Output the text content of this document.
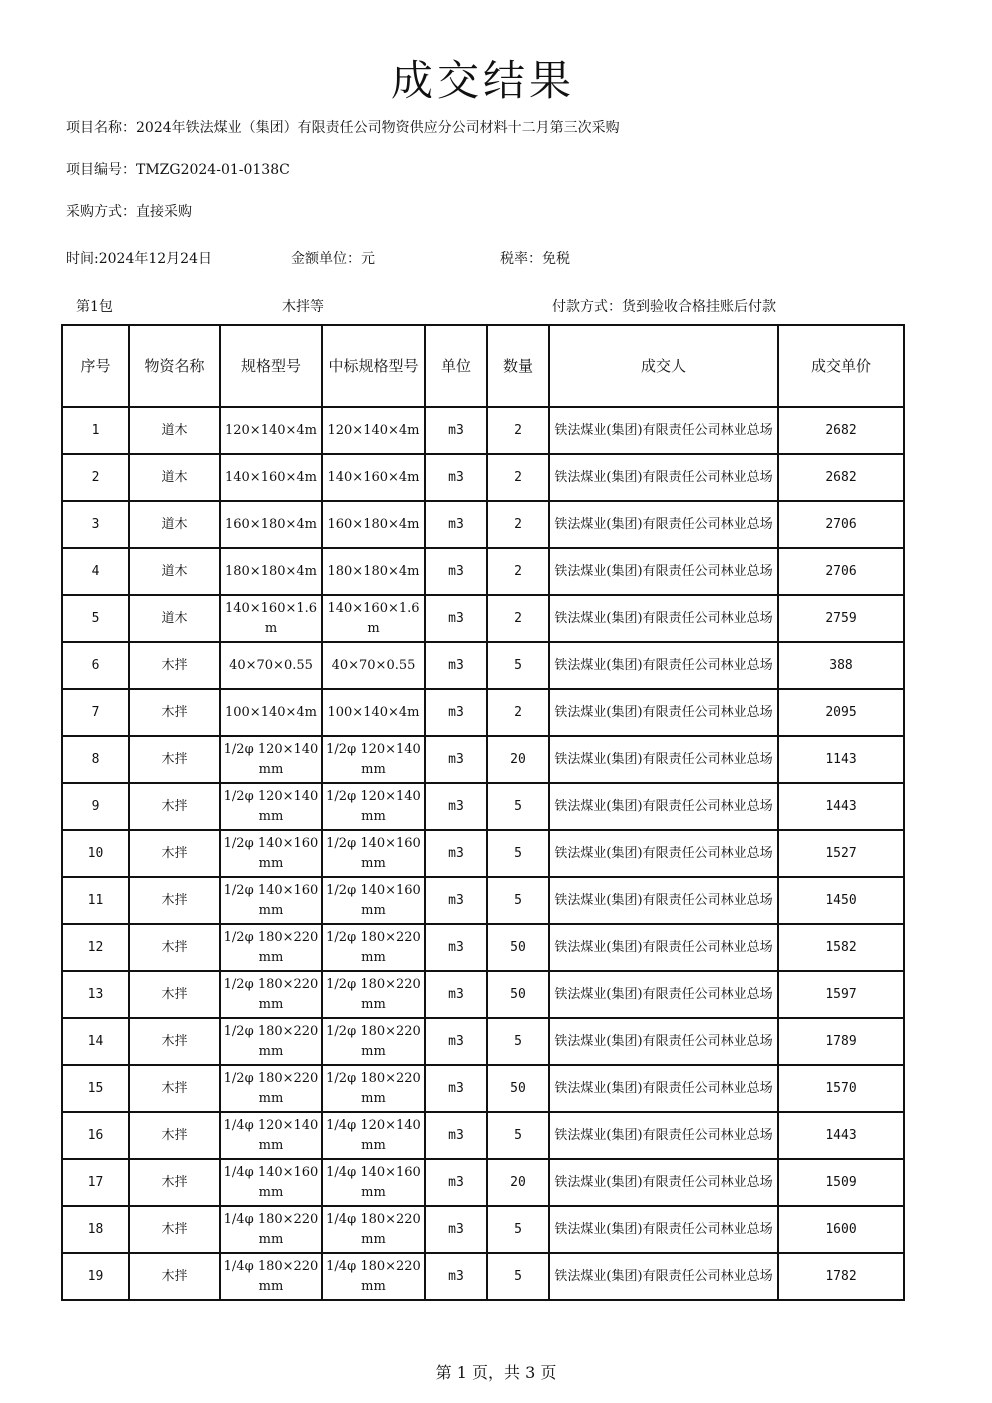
成交结果
项目名称：2024年铁法煤业（集团）有限责任公司物资供应分公司材料十二月第三次采购
项目编号：TMZG2024-01-0138C
采购方式：直接采购
时间:2024年12月24日	金额单位：元	税率：免税
第1包	木拌等	付款方式：货到验收合格挂账后付款
序号	物资名称	规格型号	中标规格型号	单位	数量	成交人	成交单价
1	道木	120×140×4m	120×140×4m	m3	2	铁法煤业(集团)有限责任公司林业总场	2682
2	道木	140×160×4m	140×160×4m	m3	2	铁法煤业(集团)有限责任公司林业总场	2682
3	道木	160×180×4m	160×180×4m	m3	2	铁法煤业(集团)有限责任公司林业总场	2706
4	道木	180×180×4m	180×180×4m	m3	2	铁法煤业(集团)有限责任公司林业总场	2706
5	道木	140×160×1.6m	140×160×1.6m	m3	2	铁法煤业(集团)有限责任公司林业总场	2759
6	木拌	40×70×0.55	40×70×0.55	m3	5	铁法煤业(集团)有限责任公司林业总场	388
7	木拌	100×140×4m	100×140×4m	m3	2	铁法煤业(集团)有限责任公司林业总场	2095
8	木拌	1/2φ 120×140mm	1/2φ 120×140mm	m3	20	铁法煤业(集团)有限责任公司林业总场	1143
9	木拌	1/2φ 120×140mm	1/2φ 120×140mm	m3	5	铁法煤业(集团)有限责任公司林业总场	1443
10	木拌	1/2φ 140×160mm	1/2φ 140×160mm	m3	5	铁法煤业(集团)有限责任公司林业总场	1527
11	木拌	1/2φ 140×160mm	1/2φ 140×160mm	m3	5	铁法煤业(集团)有限责任公司林业总场	1450
12	木拌	1/2φ 180×220mm	1/2φ 180×220mm	m3	50	铁法煤业(集团)有限责任公司林业总场	1582
13	木拌	1/2φ 180×220mm	1/2φ 180×220mm	m3	50	铁法煤业(集团)有限责任公司林业总场	1597
14	木拌	1/2φ 180×220mm	1/2φ 180×220mm	m3	5	铁法煤业(集团)有限责任公司林业总场	1789
15	木拌	1/2φ 180×220mm	1/2φ 180×220mm	m3	50	铁法煤业(集团)有限责任公司林业总场	1570
16	木拌	1/4φ 120×140mm	1/4φ 120×140mm	m3	5	铁法煤业(集团)有限责任公司林业总场	1443
17	木拌	1/4φ 140×160mm	1/4φ 140×160mm	m3	20	铁法煤业(集团)有限责任公司林业总场	1509
18	木拌	1/4φ 180×220mm	1/4φ 180×220mm	m3	5	铁法煤业(集团)有限责任公司林业总场	1600
19	木拌	1/4φ 180×220mm	1/4φ 180×220mm	m3	5	铁法煤业(集团)有限责任公司林业总场	1782
第 1 页，共 3 页
